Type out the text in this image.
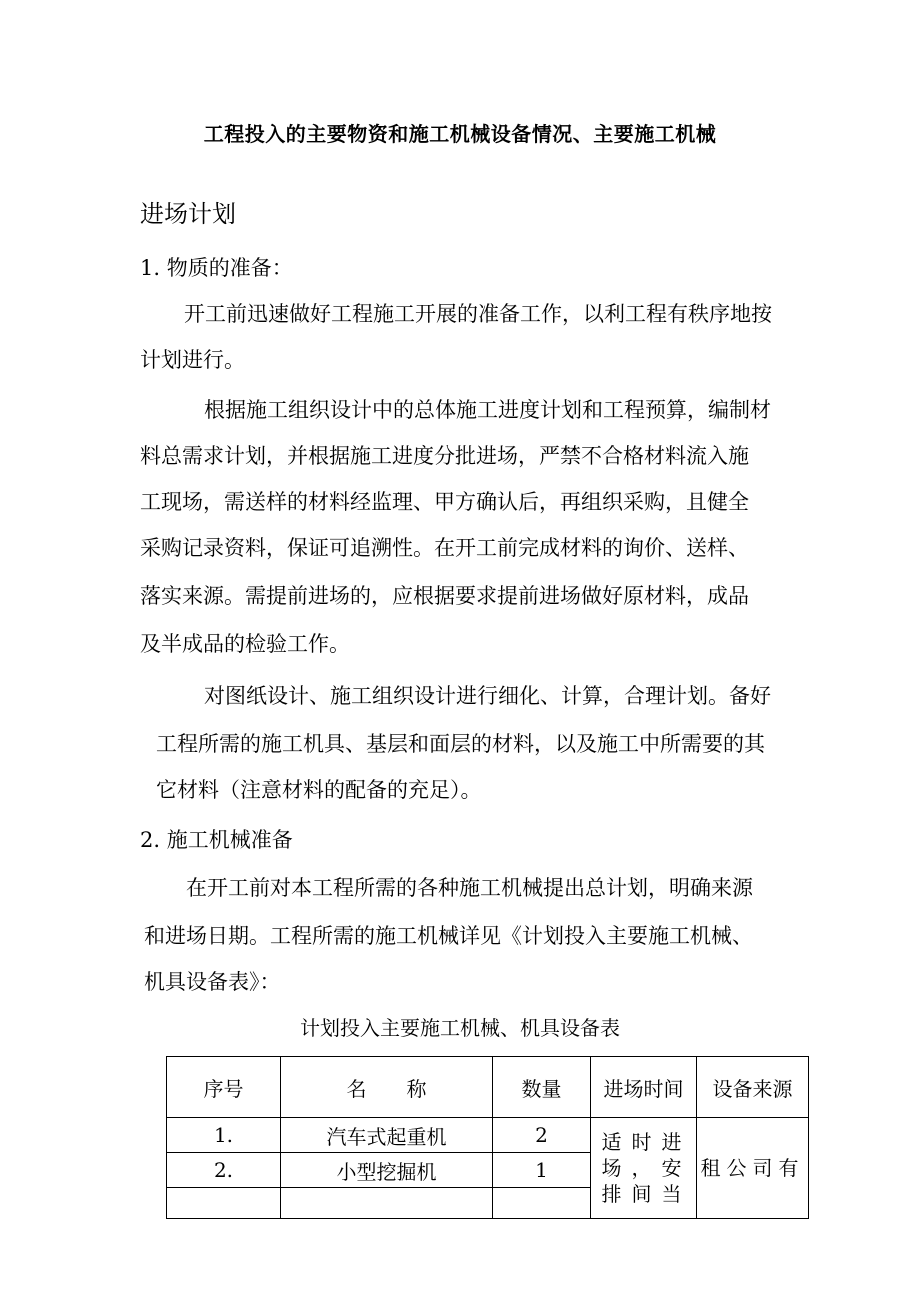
工程投入的主要物资和施工机械设备情况、主要施工机械
进场计划
1. 物质的准备：
开工前迅速做好工程施工开展的准备工作，以利工程有秩序地按
计划进行。
根据施工组织设计中的总体施工进度计划和工程预算，编制材
料总需求计划，并根据施工进度分批进场，严禁不合格材料流入施
工现场，需送样的材料经监理、甲方确认后，再组织采购，且健全
采购记录资料，保证可追溯性。在开工前完成材料的询价、送样、
落实来源。需提前进场的，应根据要求提前进场做好原材料，成品
及半成品的检验工作。
对图纸设计、施工组织设计进行细化、计算，合理计划。备好
工程所需的施工机具、基层和面层的材料，以及施工中所需要的其
它材料（注意材料的配备的充足）。
2. 施工机械准备
在开工前对本工程所需的各种施工机械提出总计划，明确来源
和进场日期。工程所需的施工机械详见《计划投入主要施工机械、
机具设备表》：
计划投入主要施工机械、机具设备表
序号	名　　称	数量	进场时间	设备来源
1.	汽车式起重机	2	适时进场，安排间当	租公司有
2.	小型挖掘机	1		
